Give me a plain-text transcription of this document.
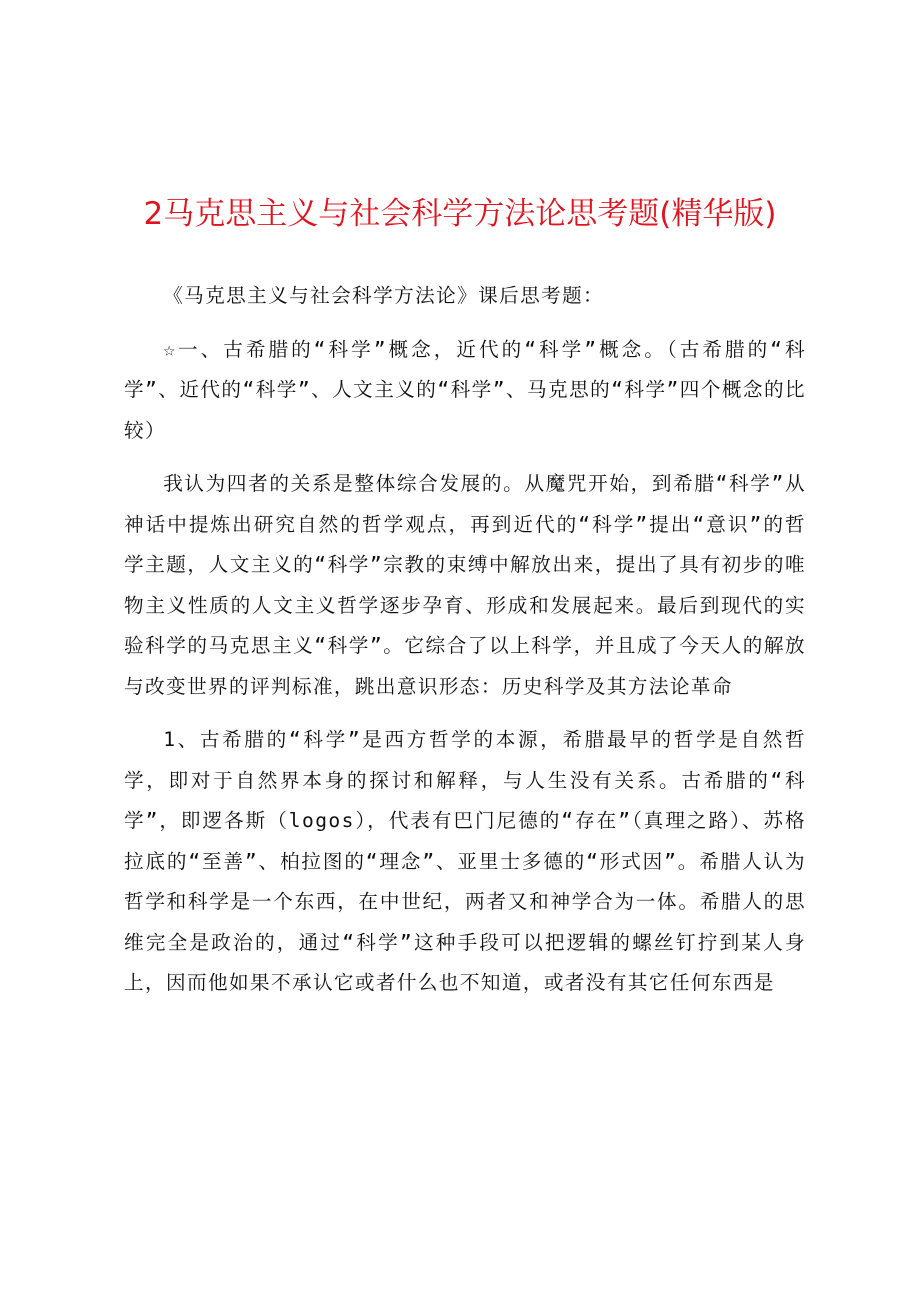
2马克思主义与社会科学方法论思考题(精华版)

《马克思主义与社会科学方法论》课后思考题：

☆一、古希腊的“科学”概念，近代的“科学”概念。（古希腊的“科学”、近代的“科学”、人文主义的“科学”、马克思的“科学”四个概念的比较）

我认为四者的关系是整体综合发展的。从魔咒开始，到希腊“科学”从神话中提炼出研究自然的哲学观点，再到近代的“科学”提出“意识”的哲学主题，人文主义的“科学”宗教的束缚中解放出来，提出了具有初步的唯物主义性质的人文主义哲学逐步孕育、形成和发展起来。最后到现代的实验科学的马克思主义“科学”。它综合了以上科学，并且成了今天人的解放与改变世界的评判标准，跳出意识形态：历史科学及其方法论革命

1、古希腊的“科学”是西方哲学的本源，希腊最早的哲学是自然哲学，即对于自然界本身的探讨和解释，与人生没有关系。古希腊的“科学”，即逻各斯（logos），代表有巴门尼德的“存在”（真理之路）、苏格拉底的“至善”、柏拉图的“理念”、亚里士多德的“形式因”。希腊人认为哲学和科学是一个东西，在中世纪，两者又和神学合为一体。希腊人的思维完全是政治的，通过“科学”这种手段可以把逻辑的螺丝钉拧到某人身上，因而他如果不承认它或者什么也不知道，或者没有其它任何东西是
